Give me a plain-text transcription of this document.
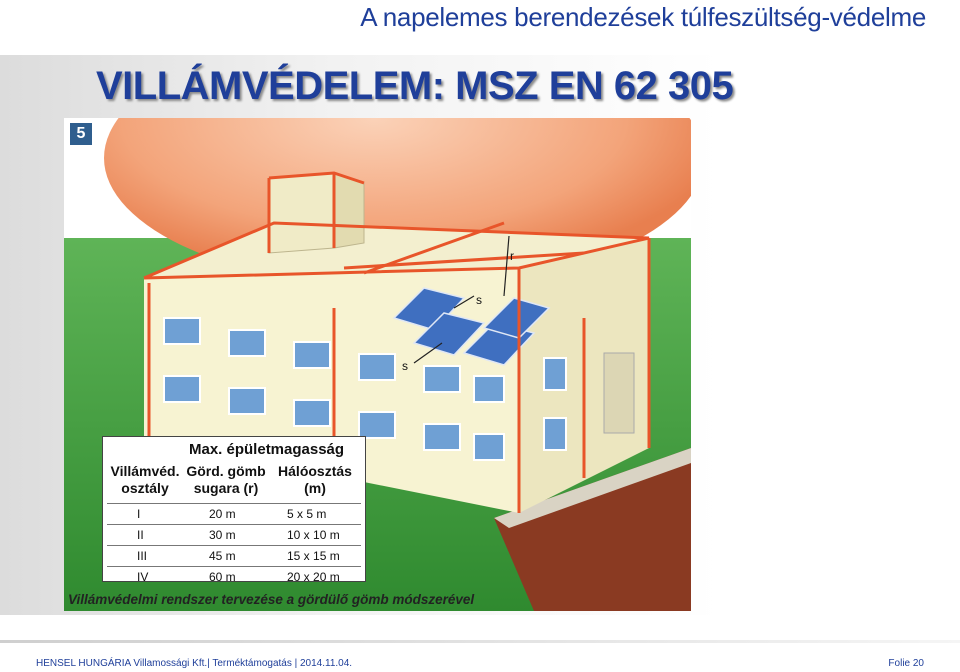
A napelemes berendezések túlfeszültség-védelme
VILLÁMVÉDELEM: MSZ EN 62 305
r
s
s
5
Max. épületmagasság
Villámvéd.
osztály
Görd. gömb
sugara (r)
Hálóosztás
(m)
I	20 m	5 x 5 m
II	30 m	10 x 10 m
III	45 m	15 x 15 m
IV	60 m	20 x 20 m
Villámvédelmi rendszer tervezése a gördülő gömb módszerével
HENSEL HUNGÁRIA Villamossági Kft.| Terméktámogatás | 2014.11.04.	Folie 20
